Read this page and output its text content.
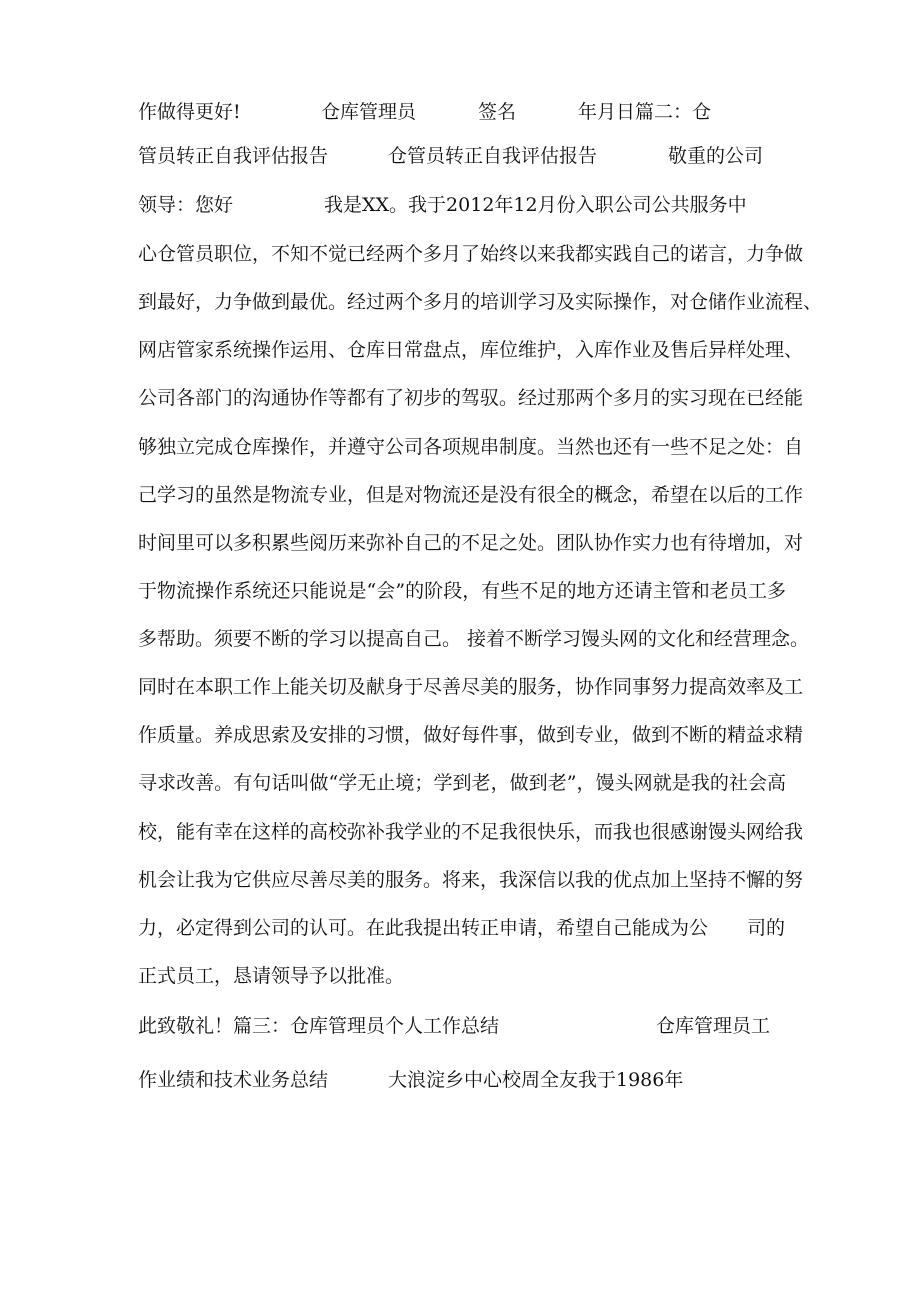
作做得更好!	仓库管理员	签名	年月日篇二：仓
管员转正自我评估报告	仓管员转正自我评估报告	敬重的公司
领导：您好	我是XX。我于2012年12月份入职公司公共服务中
心仓管员职位，不知不觉已经两个多月了始终以来我都实践自己的诺言，力争做
到最好，力争做到最优。经过两个多月的培训学习及实际操作，对仓储作业流程、
网店管家系统操作运用、仓库日常盘点，库位维护，入库作业及售后异样处理、
公司各部门的沟通协作等都有了初步的驾驭。经过那两个多月的实习现在已经能
够独立完成仓库操作，并遵守公司各项规串制度。当然也还有一些不足之处：自
己学习的虽然是物流专业，但是对物流还是没有很全的概念，希望在以后的工作
时间里可以多积累些阅历来弥补自己的不足之处。团队协作实力也有待增加，对
于物流操作系统还只能说是“会”的阶段，有些不足的地方还请主管和老员工多
多帮助。须要不断的学习以提高自己。 接着不断学习馒头网的文化和经营理念。
同时在本职工作上能关切及献身于尽善尽美的服务，协作同事努力提高效率及工
作质量。养成思索及安排的习惯，做好每件事，做到专业，做到不断的精益求精
寻求改善。有句话叫做“学无止境；学到老，做到老”，馒头网就是我的社会高
校，能有幸在这样的高校弥补我学业的不足我很快乐，而我也很感谢馒头网给我
机会让我为它供应尽善尽美的服务。将来，我深信以我的优点加上坚持不懈的努
力，必定得到公司的认可。在此我提出转正申请，希望自己能成为公 司的
正式员工，恳请领导予以批准。
此致敬礼！篇三：仓库管理员个人工作总结	仓库管理员工
作业绩和技术业务总结	大浪淀乡中心校周全友我于1986年
